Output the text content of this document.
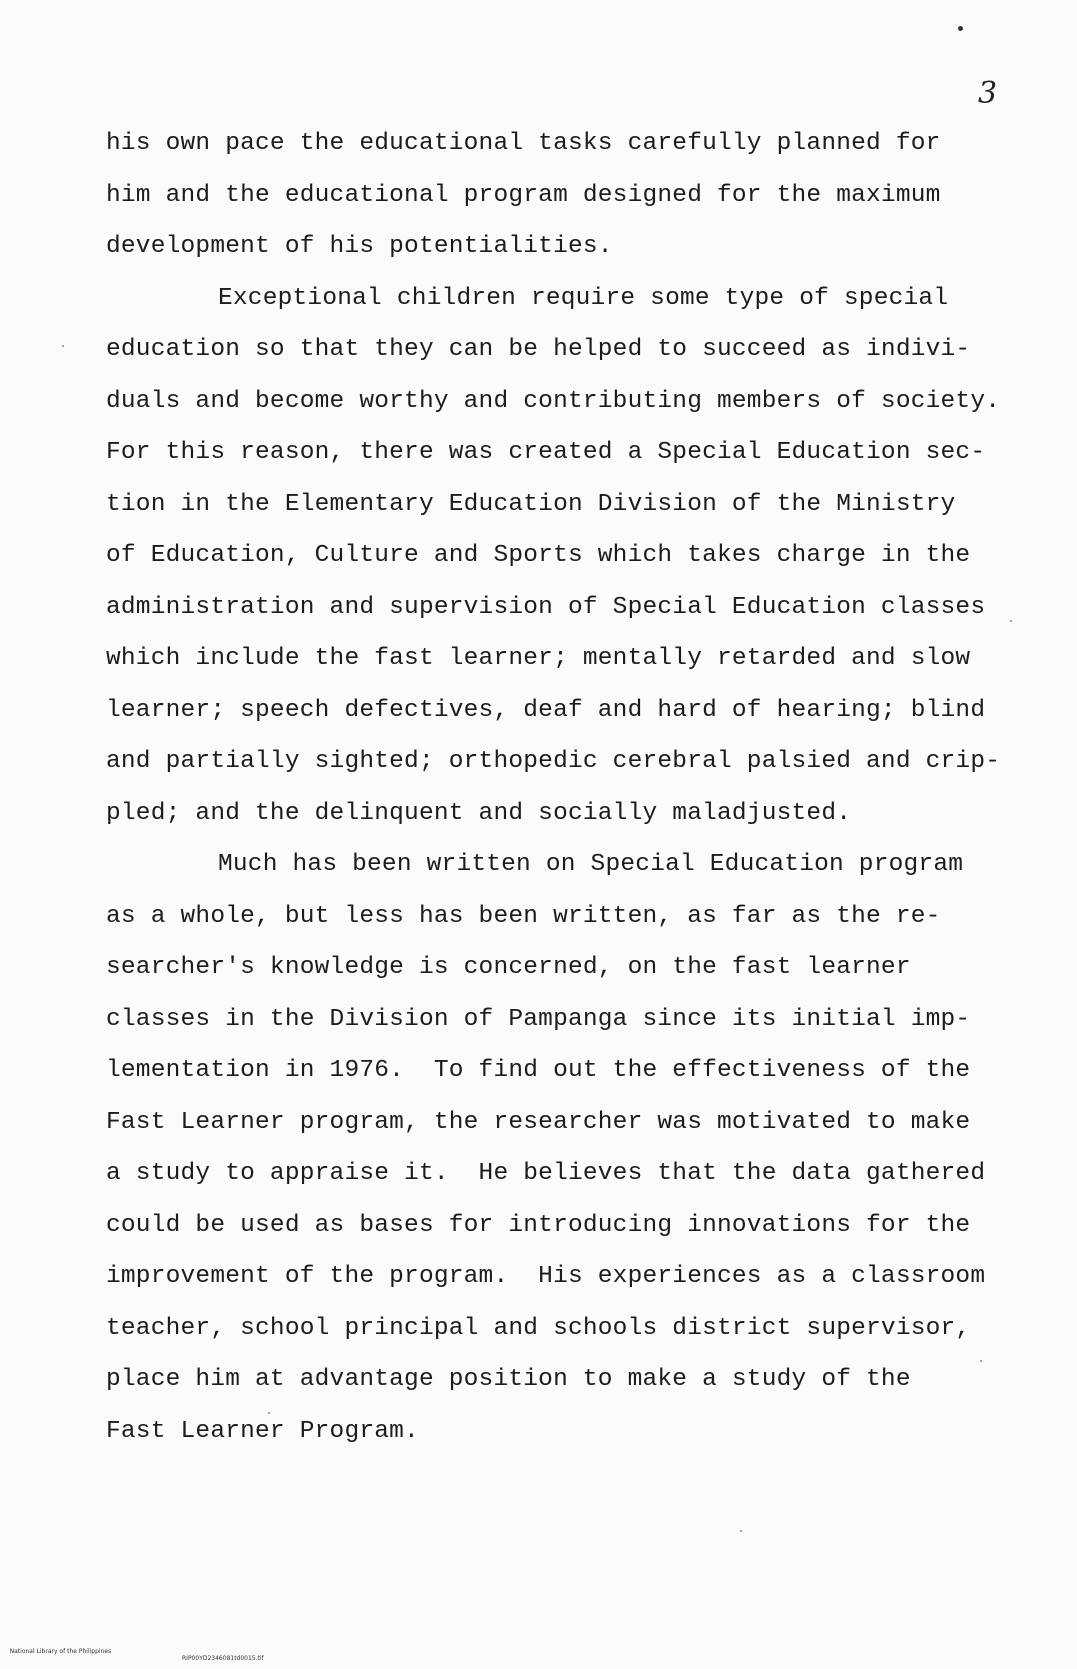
3
his own pace the educational tasks carefully planned for
him and the educational program designed for the maximum
development of his potentialities.
Exceptional children require some type of special
education so that they can be helped to succeed as indivi-
duals and become worthy and contributing members of society.
For this reason, there was created a Special Education sec-
tion in the Elementary Education Division of the Ministry
of Education, Culture and Sports which takes charge in the
administration and supervision of Special Education classes
which include the fast learner; mentally retarded and slow
learner; speech defectives, deaf and hard of hearing; blind
and partially sighted; orthopedic cerebral palsied and crip-
pled; and the delinquent and socially maladjusted.
Much has been written on Special Education program
as a whole, but less has been written, as far as the re-
searcher's knowledge is concerned, on the fast learner
classes in the Division of Pampanga since its initial imp-
lementation in 1976.  To find out the effectiveness of the
Fast Learner program, the researcher was motivated to make
a study to appraise it.  He believes that the data gathered
could be used as bases for introducing innovations for the
improvement of the program.  His experiences as a classroom
teacher, school principal and schools district supervisor,
place him at advantage position to make a study of the
Fast Learner Program.

National Library of the Philippines

RIP00YD2346081td0015.tif
